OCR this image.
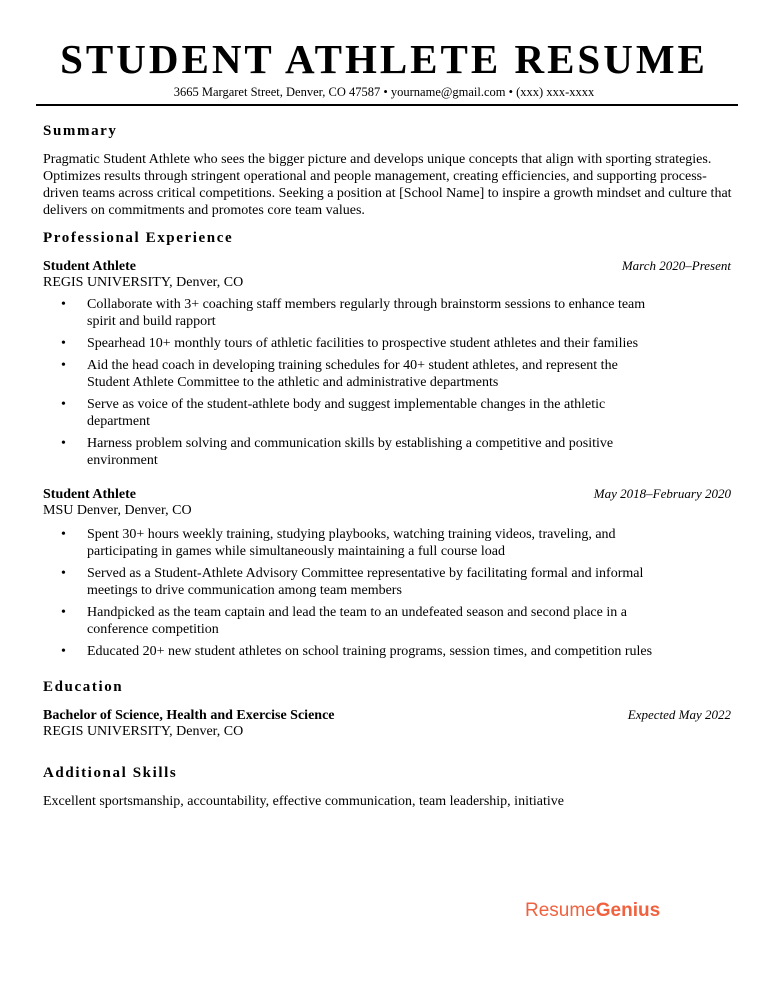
STUDENT ATHLETE RESUME
3665 Margaret Street, Denver, CO 47587 • yourname@gmail.com • (xxx) xxx-xxxx
Summary

Pragmatic Student Athlete who sees the bigger picture and develops unique concepts that align with sporting strategies. Optimizes results through stringent operational and people management, creating efficiencies, and supporting process-driven teams across critical competitions. Seeking a position at [School Name] to inspire a growth mindset and culture that delivers on commitments and promotes core team values.

Professional Experience
Student Athlete	March 2020–Present
REGIS UNIVERSITY, Denver, CO
• Collaborate with 3+ coaching staff members regularly through brainstorm sessions to enhance team spirit and build rapport
• Spearhead 10+ monthly tours of athletic facilities to prospective student athletes and their families
• Aid the head coach in developing training schedules for 40+ student athletes, and represent the Student Athlete Committee to the athletic and administrative departments
• Serve as voice of the student-athlete body and suggest implementable changes in the athletic department
• Harness problem solving and communication skills by establishing a competitive and positive environment
Student Athlete	May 2018–February 2020
MSU Denver, Denver, CO
• Spent 30+ hours weekly training, studying playbooks, watching training videos, traveling, and participating in games while simultaneously maintaining a full course load
• Served as a Student-Athlete Advisory Committee representative by facilitating formal and informal meetings to drive communication among team members
• Handpicked as the team captain and lead the team to an undefeated season and second place in a conference competition
• Educated 20+ new student athletes on school training programs, session times, and competition rules
Education
Bachelor of Science, Health and Exercise Science	Expected May 2022
REGIS UNIVERSITY, Denver, CO
Additional Skills

Excellent sportsmanship, accountability, effective communication, team leadership, initiative

ResumeGenius
